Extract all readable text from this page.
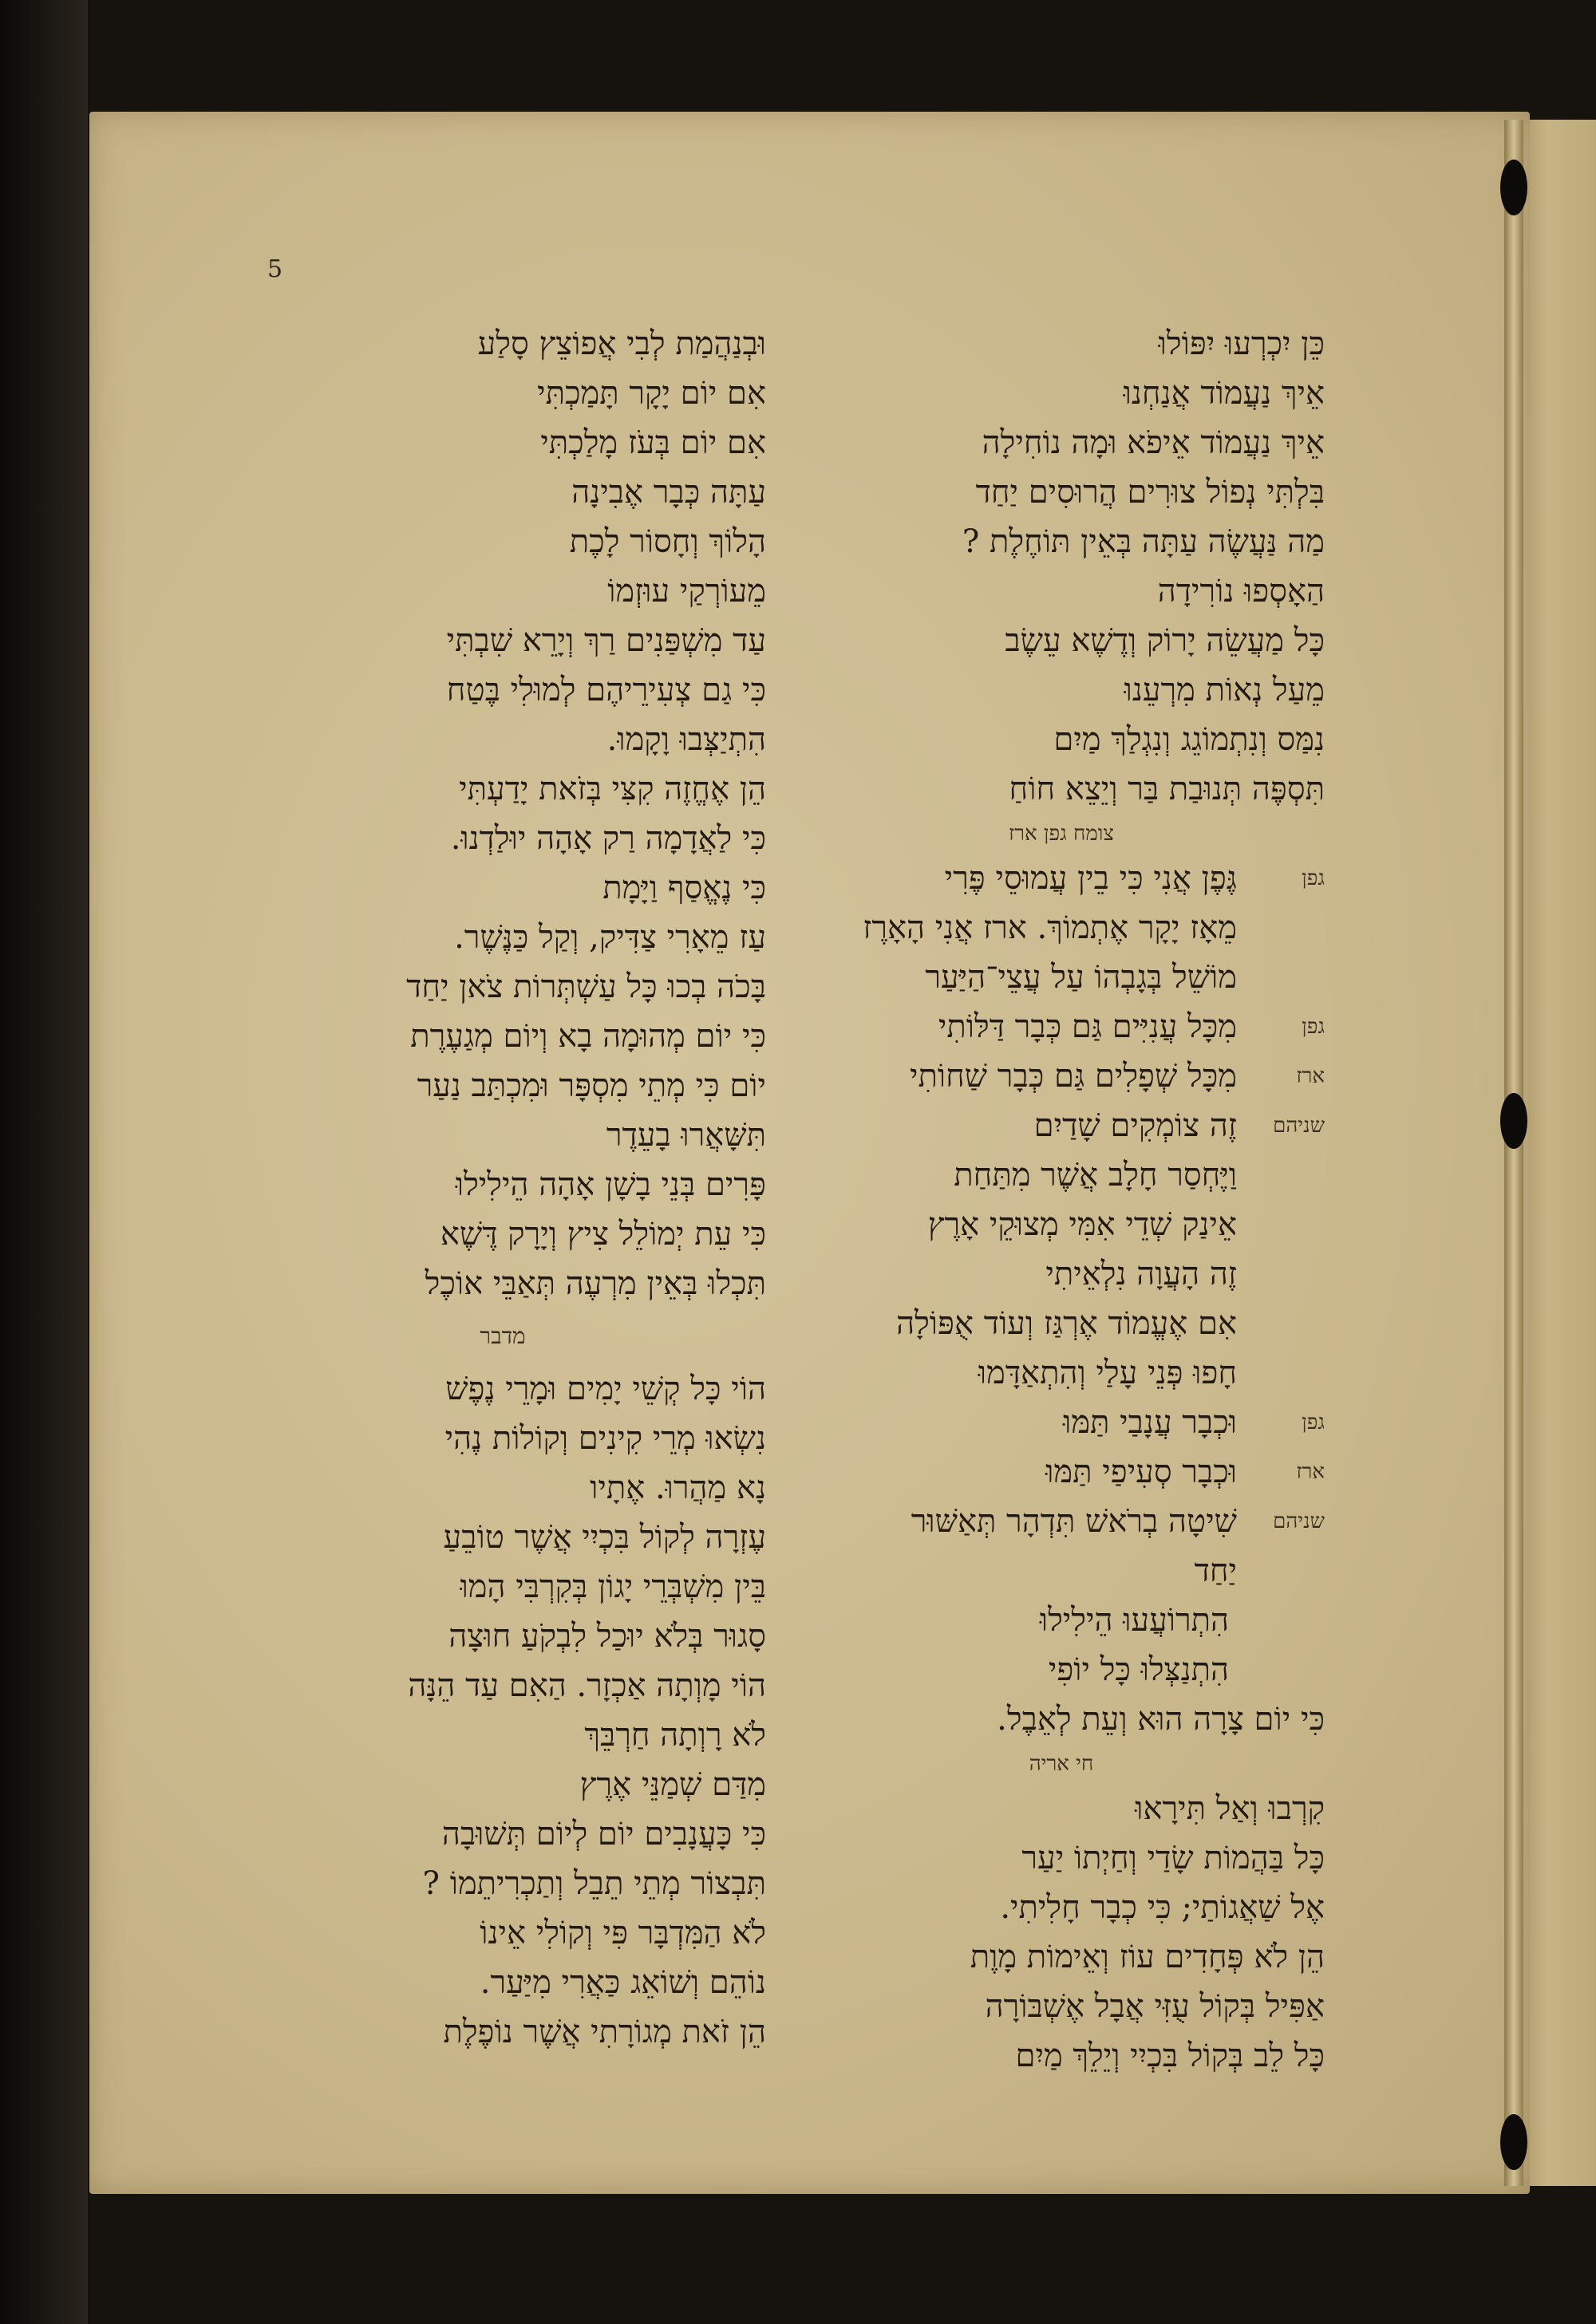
5
וּבְנַהֲמַת לְבִי אֲפוֹצֵץ סָלַע
אִם יוֹם יָקָר תָּמַכְתִּי
אִם יוֹם בְּעֹז מָלַכְתִּי
עַתָּה כְּבָר אֶבִינָה
הָלוֹךְ וְחָסוֹר לָכֶת
מֵעוֹרְקַי עוּזְמוֹ
עַד מִשְׁפַּנִים רַךְ וְיָרֵא שִׁבְתִּי
כִּי גַם צְעִירֵיהֶם לְמוּלִי בֶּטַח
הִתְיַצְּבוּ וָקָמוּ.
הֵן אֶחֱזֶה קִצִּי בְּזֹאת יָדַעְתִּי
כִּי לַאֲדָמָה רַק אָהָה יוּלַדְנוּ.
כִּי נֶאֱסַף וַיָּמָת
עַז מֵאָרִי צַדִּיק, וְקַל כַּנֶּשֶׁר.
בָּכֹה בְכוּ כָּל עַשְׁתְּרוֹת צֹאן יַחַד
כִּי יוֹם מְהוּמָה בָא וְיוֹם מְגַעֶרֶת
יוֹם כִּי מְתֵי מִסְפָּר וּמִכְתַּב נַעַר
תִּשָּׁאֲרוּ בָעֵדֶר
פָּרִים בְּנֵי בָשָׁן אָהָה הֵילִילוּ
כִּי עֵת יְמוֹלֵל צִיץ וְיָרָק דֶּשֶׁא
תִּכְלוּ בְּאֵין מִרְעֶה תְּאַבֵּי אוֹכֶל
מדבר
הוֹי כָּל קְשֵׁי יָמִים וּמָרֵי נֶפֶשׁ
נִשְׂאוּ מְרֵי קִינִים וְקוֹלוֹת נֶהִי
נָא מַהֲרוּ. אֶתָיו
עֶזְרָה לְקוֹל בִּכְיִי אֲשֶׁר טוֹבֵעַ
בֵּין מִשְׁבְּרֵי יָגוֹן בְּקִרְבִּי הָמוּ
סָגוּר בְּלֹא יוּכַל לִבְקֹעַ חוּצָה
הוֹי מָוְתָה אַכְזָר. הַאִם עַד הֵנָּה
לֹא רָוְתָה חַרְבֵּךְ
מִדַּם שְׁמַנֵּי אֶרֶץ
כִּי כָּעֲנָבִים יוֹם לְיוֹם תְּשׁוּבָה
תִּבְצוֹר מְתֵי תֵבֵל וְתַכְרִיתֵמוֹ ?
לֹא הַמִּדְבָּר פִּי וְקוֹלִי אֵינוֹ
נוֹהֵם וְשׁוֹאֵג כַּאֲרִי מִיַּעַר.
הֵן זֹאת מְגוֹרָתִי אֲשֶׁר נוֹפֶלֶת
כֵּן יִכְרְעוּ יִפּוֹלוּ
אֵיךְ נַעֲמוֹד אֲנַחְנוּ
אֵיךְ נַעֲמוֹד אֵיפֹא וּמָה נוֹחִילָה
בִּלְתִּי נְפוֹל צוּרִים הֲרוּסִים יַחַד
מַה נַּעֲשֶׂה עַתָּה בְּאֵין תּוֹחֶלֶת ?
הַאָסְפוּ נוֹרִידָה
כָּל מַעֲשֵׂה יָרוֹק וְדֶשֶׁא עֵשֶׂב
מֵעַל נְאוֹת מִרְעֵנוּ
נִמַּס וְנִתְמוֹגֵג וְנִגְלַךְ מַיִם
תִּסְפֶּה תְּנוּבַת בַּר וְיֵצֵא חוֹחַ
צומח גפן ארז
גפן
גֶּפֶן אֲנִי כִּי בֵין עֲמוּסֵי פֶּרִי
מֵאָז יָקָר אֶתְמוֹךְ. ארז אֲנִי הָאָרֶז
מוֹשֵׁל בְּגָבְהוֹ עַל עֲצֵי־הַיַּעַר
גפן
מִכָּל עֲנִיִּים גַּם כְּבָר דַּלּוֹתִי
ארז
מִכָּל שְׁפָלִים גַּם כְּבָר שַׁחוֹתִי
שניהם
זֶה צוֹמְקִים שָׁדַיִם
וַיֶּחְסַר חָלָב אֲשֶׁר מִתַּחַת
אֵינַק שְׁדֵי אִמִּי מְצוּקֵי אָרֶץ
זֶה הָעֲוָה נִלְאֵיתִי
אִם אֶעֱמוֹד אֶרְגַּז וְעוֹד אֻפּוֹלָה
חָפוּ פְּנֵי עָלַי וְהִתְאַדָּמוּ
גפן
וּכְבָר עֲנָבַי תַּמּוּ
ארז
וּכְבָר סְעִיפַי תַּמּוּ
שניהם
שִׁיטָה בְרֹאשׁ תִּדְהָר תְּאַשּׁוּר
יַחַד
הִתְרוֹעֲעוּ הֵילִילוּ
הִתְנַצְּלוּ כָּל יוֹפִי
כִּי יוֹם צָרָה הוּא וְעֵת לְאֵבֶל.
חי אריה
קִרְבוּ וְאַל תִּירָאוּ
כָּל בַּהֲמוֹת שָׂדַי וְחַיְתוֹ יַעַר
אֶל שַׁאֲגוֹתַי; כִּי כְבָר חָלִיתִי.
הֵן לֹא פְּחָדִים עוֹז וְאֵימוֹת מָוֶת
אַפִּיל בְּקוֹל עֻזִּי אֲבָל אֶשְׁבּוֹרָה
כָּל לֵב בְּקוֹל בִּכְיִי וְיֵלֵךְ מַיִם
